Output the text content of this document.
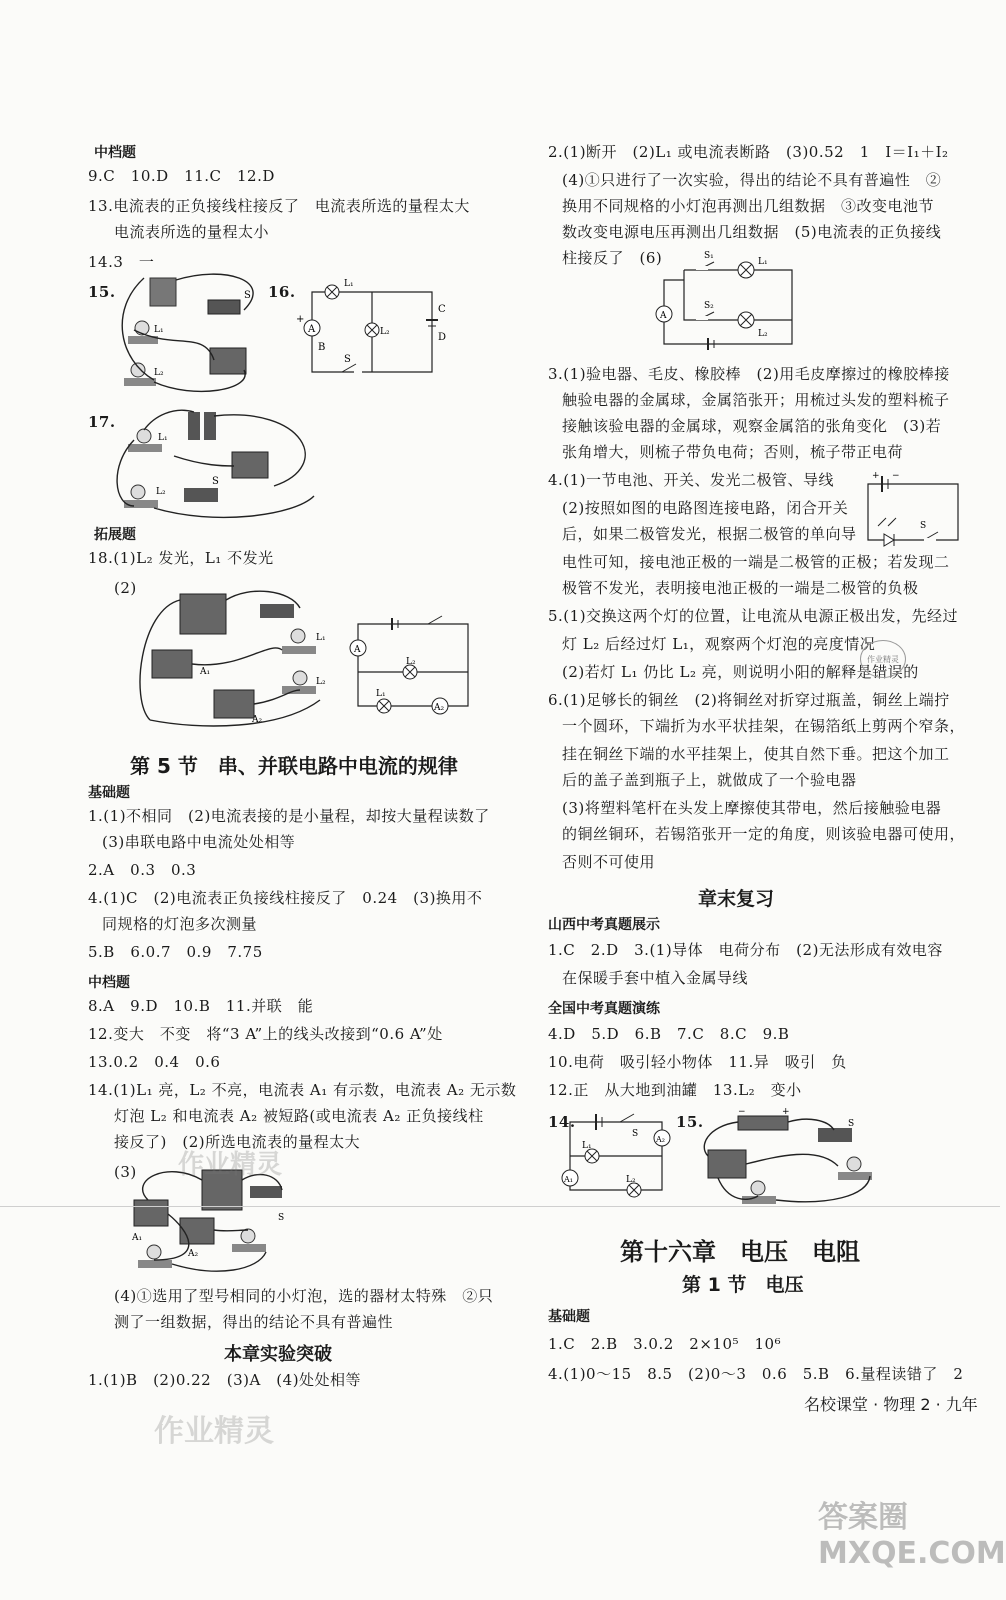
中档题
9.C　10.D　11.C　12.D
13.电流表的正负接线柱接反了　电流表所选的量程太大
电流表所选的量程太小
14.3　一
15.	16.
S
L₁
L₂
A
L₁
L₂
C
D
+
B
S
17.
L₁
L₂
S
拓展题
18.(1)L₂ 发光，L₁ 不发光
(2)
A₁
A₂
L₁
L₂
A
A₂
L₂
L₁
第 5 节　串、并联电路中电流的规律
基础题
1.(1)不相同　(2)电流表接的是小量程，却按大量程读数了
(3)串联电路中电流处处相等
2.A　0.3　0.3
4.(1)C　(2)电流表正负接线柱接反了　0.24　(3)换用不
同规格的灯泡多次测量
5.B　6.0.7　0.9　7.75
中档题
8.A　9.D　10.B　11.并联　能
12.变大　不变　将“3 A”上的线头改接到“0.6 A”处
13.0.2　0.4　0.6
14.(1)L₁ 亮，L₂ 不亮，电流表 A₁ 有示数，电流表 A₂ 无示数
灯泡 L₂ 和电流表 A₂ 被短路(或电流表 A₂ 正负接线柱
接反了)　(2)所选电流表的量程太大
(3)
A₁
A₂
S
(4)①选用了型号相同的小灯泡，选的器材太特殊　②只
测了一组数据，得出的结论不具有普遍性
本章实验突破
1.(1)B　(2)0.22　(3)A　(4)处处相等
作业精灵
作业精灵
2.(1)断开　(2)L₁ 或电流表断路　(3)0.52　1　I＝I₁＋I₂
(4)①只进行了一次实验，得出的结论不具有普遍性　②
换用不同规格的小灯泡再测出几组数据　③改变电池节
数改变电源电压再测出几组数据　(5)电流表的正负接线
柱接反了　(6)
A
S₁
S₂
L₁
L₂
3.(1)验电器、毛皮、橡胶棒　(2)用毛皮摩擦过的橡胶棒接
触验电器的金属球，金属箔张开；用梳过头发的塑料梳子
接触该验电器的金属球，观察金属箔的张角变化　(3)若
张角增大，则梳子带负电荷；否则，梳子带正电荷
4.(1)一节电池、开关、发光二极管、导线
(2)按照如图的电路图连接电路，闭合开关
后，如果二极管发光，根据二极管的单向导
+ −
S
电性可知，接电池正极的一端是二极管的正极；若发现二
极管不发光，表明接电池正极的一端是二极管的负极
5.(1)交换这两个灯的位置，让电流从电源正极出发，先经过
灯 L₂ 后经过灯 L₁，观察两个灯泡的亮度情况
(2)若灯 L₁ 仍比 L₂ 亮，则说明小阳的解释是错误的
作业精灵
6.(1)足够长的铜丝　(2)将铜丝对折穿过瓶盖，铜丝上端拧
一个圆环，下端折为水平状挂架，在锡箔纸上剪两个窄条，
挂在铜丝下端的水平挂架上，使其自然下垂。把这个加工
后的盖子盖到瓶子上，就做成了一个验电器
(3)将塑料笔杆在头发上摩擦使其带电，然后接触验电器
的铜丝铜环，若锡箔张开一定的角度，则该验电器可使用，
否则不可使用
章末复习
山西中考真题展示
1.C　2.D　3.(1)导体　电荷分布　(2)无法形成有效电容
在保暖手套中植入金属导线
全国中考真题演练
4.D　5.D　6.B　7.C　8.C　9.B
10.电荷　吸引轻小物体　11.异　吸引　负
12.正　从大地到油罐　13.L₂　变小
14.	15.
A₂
A₁
L₁
L₂
S
−	+
S
第十六章　电压　电阻
第 1 节　电压
基础题
1.C　2.B　3.0.2　2×10⁵　10⁶
4.(1)0～15　8.5　(2)0～3　0.6　5.B　6.量程读错了　2
名校课堂 · 物理 2 · 九年
答案圈
MXQE.COM
